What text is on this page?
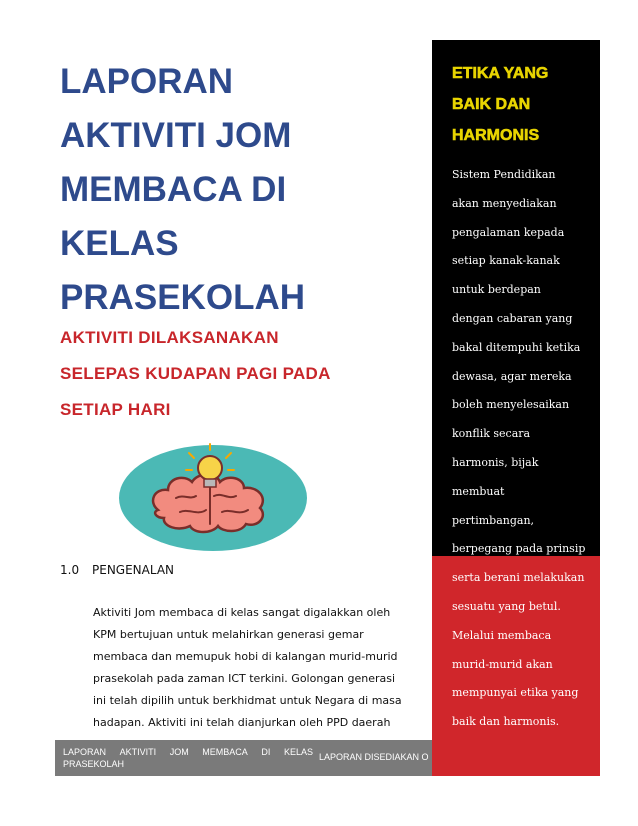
LAPORAN
AKTIVITI JOM
MEMBACA DI
KELAS
PRASEKOLAH
AKTIVITI DILAKSANAKAN
SELEPAS KUDAPAN PAGI PADA
SETIAP HARI
1.0 PENGENALAN
Aktiviti Jom membaca di kelas sangat digalakkan oleh
KPM bertujuan untuk melahirkan generasi gemar
membaca dan memupuk hobi di kalangan murid-murid
prasekolah pada zaman ICT terkini. Golongan generasi
ini telah dipilih untuk berkhidmat untuk Negara di masa
hadapan. Aktiviti ini telah dianjurkan oleh PPD daerah
LAPORAN AKTIVITI JOM MEMBACA DI KELAS
PRASEKOLAH
LAPORAN DISEDIAKAN O
ETIKA YANG
BAIK DAN
HARMONIS
Sistem Pendidikan
akan menyediakan
pengalaman kepada
setiap kanak-kanak
untuk berdepan
dengan cabaran yang
bakal ditempuhi ketika
dewasa, agar mereka
boleh menyelesaikan
konflik secara
harmonis, bijak
membuat
pertimbangan,
berpegang pada prinsip
serta berani melakukan
sesuatu yang betul.
Melalui membaca
murid-murid akan
mempunyai etika yang
baik dan harmonis.
